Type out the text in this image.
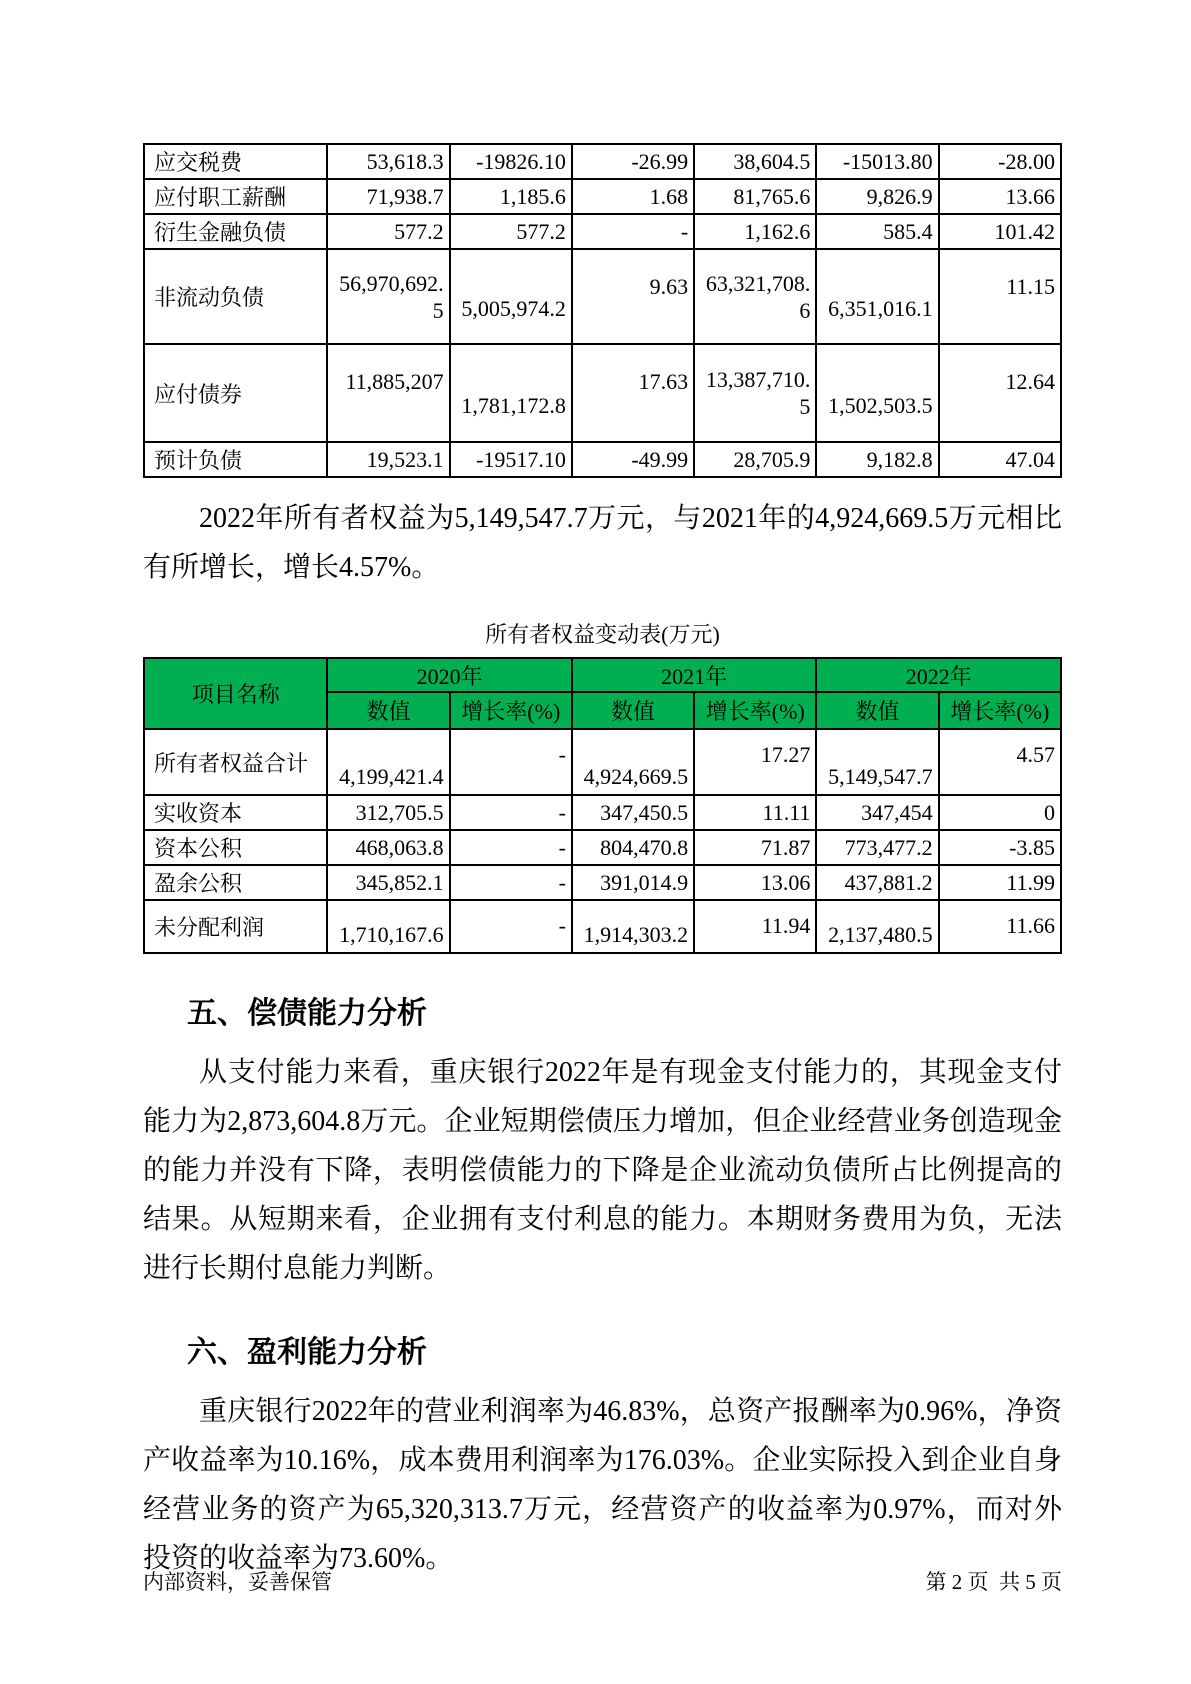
应交税费	53,618.3	-19826.10	-26.99	38,604.5	-15013.80	-28.00
应付职工薪酬	71,938.7	1,185.6	1.68	81,765.6	9,826.9	13.66
衍生金融负债	577.2	577.2	-	1,162.6	585.4	101.42
非流动负债	56,970,692.5	5,005,974.2	9.63	63,321,708.6	6,351,016.1	11.15
应付债券	11,885,207	1,781,172.8	17.63	13,387,710.5	1,502,503.5	12.64
预计负债	19,523.1	-19517.10	-49.99	28,705.9	9,182.8	47.04

2022年所有者权益为5,149,547.7万元，与2021年的4,924,669.5万元相比有所增长，增长4.57%。

所有者权益变动表(万元)
项目名称	2020年		2021年		2022年	
	数值	增长率(%)	数值	增长率(%)	数值	增长率(%)
所有者权益合计	4,199,421.4	-	4,924,669.5	17.27	5,149,547.7	4.57
实收资本	312,705.5	-	347,450.5	11.11	347,454	0
资本公积	468,063.8	-	804,470.8	71.87	773,477.2	-3.85
盈余公积	345,852.1	-	391,014.9	13.06	437,881.2	11.99
未分配利润	1,710,167.6	-	1,914,303.2	11.94	2,137,480.5	11.66
五、偿债能力分析

从支付能力来看，重庆银行2022年是有现金支付能力的，其现金支付能力为2,873,604.8万元。企业短期偿债压力增加，但企业经营业务创造现金的能力并没有下降，表明偿债能力的下降是企业流动负债所占比例提高的结果。从短期来看，企业拥有支付利息的能力。本期财务费用为负，无法进行长期付息能力判断。

六、盈利能力分析

重庆银行2022年的营业利润率为46.83%，总资产报酬率为0.96%，净资产收益率为10.16%，成本费用利润率为176.03%。企业实际投入到企业自身经营业务的资产为65,320,313.7万元，经营资产的收益率为0.97%，而对外投资的收益率为73.60%。

内部资料，妥善保管	第 2 页  共 5 页
